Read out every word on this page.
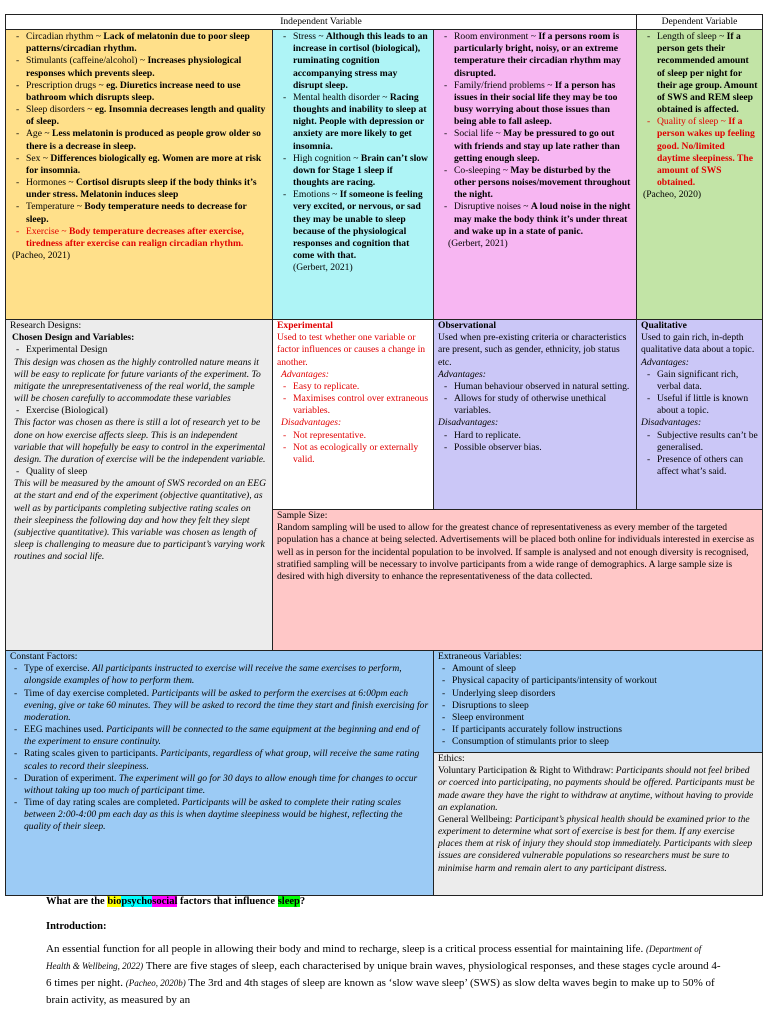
Independent Variable	Dependent Variable
- Circadian rhythm ~ Lack of melatonin due to poor sleep patterns/circadian rhythm.
- Stimulants (caffeine/alcohol) ~ Increases physiological responses which prevents sleep.
- Prescription drugs ~ eg. Diuretics increase need to use bathroom which disrupts sleep.
- Sleep disorders ~ eg. Insomnia decreases length and quality of sleep.
- Age ~ Less melatonin is produced as people grow older so there is a decrease in sleep.
- Sex ~ Differences biologically eg. Women are more at risk for insomnia.
- Hormones ~ Cortisol disrupts sleep if the body thinks it’s under stress. Melatonin induces sleep
- Temperature ~ Body temperature needs to decrease for sleep.
- Exercise ~ Body temperature decreases after exercise, tiredness after exercise can realign circadian rhythm.
(Pacheo, 2021)
- Stress ~ Although this leads to an increase in cortisol (biological), ruminating cognition accompanying stress may disrupt sleep.
- Mental health disorder ~ Racing thoughts and inability to sleep at night. People with depression or anxiety are more likely to get insomnia.
- High cognition ~ Brain can’t slow down for Stage 1 sleep if thoughts are racing.
- Emotions ~ If someone is feeling very excited, or nervous, or sad they may be unable to sleep because of the physiological responses and cognition that come with that.
(Gerbert, 2021)
- Room environment ~ If a persons room is particularly bright, noisy, or an extreme temperature their circadian rhythm may disrupted.
- Family/friend problems ~ If a person has issues in their social life they may be too busy worrying about those issues than being able to fall asleep.
- Social life ~ May be pressured to go out with friends and stay up late rather than getting enough sleep.
- Co-sleeping ~ May be disturbed by the other persons noises/movement throughout the night.
- Disruptive noises ~ A loud noise in the night may make the body think it’s under threat and wake up in a state of panic.
(Gerbert, 2021)
- Length of sleep ~ If a person gets their recommended amount of sleep per night for their age group. Amount of SWS and REM sleep obtained is affected.
- Quality of sleep ~ If a person wakes up feeling good. No/limited daytime sleepiness. The amount of SWS obtained.
(Pacheo, 2020)
Research Designs:
Chosen Design and Variables:
- Experimental Design
This design was chosen as the highly controlled nature means it will be easy to replicate for future variants of the experiment. To mitigate the unrepresentativeness of the real world, the sample will be chosen carefully to accommodate these variables
- Exercise (Biological)
This factor was chosen as there is still a lot of research yet to be done on how exercise affects sleep. This is an independent variable that will hopefully be easy to control in the experimental design. The duration of exercise will be the independent variable.
- Quality of sleep
This will be measured by the amount of SWS recorded on an EEG at the start and end of the experiment (objective quantitative), as well as by participants completing subjective rating scales on their sleepiness the following day and how they felt they slept (subjective quantitative). This variable was chosen as length of sleep is challenging to measure due to participant’s varying work routines and social life.
Experimental
Used to test whether one variable or factor influences or causes a change in another.
Advantages:
- Easy to replicate.
- Maximises control over extraneous variables.
Disadvantages:
- Not representative.
- Not as ecologically or externally valid.
Observational
Used when pre-existing criteria or characteristics are present, such as gender, ethnicity, job status etc.
Advantages:
- Human behaviour observed in natural setting.
- Allows for study of otherwise unethical variables.
Disadvantages:
- Hard to replicate.
- Possible observer bias.
Qualitative
Used to gain rich, in-depth qualitative data about a topic.
Advantages:
- Gain significant rich, verbal data.
- Useful if little is known about a topic.
Disadvantages:
- Subjective results can’t be generalised.
- Presence of others can affect what’s said.
Sample Size:
Random sampling will be used to allow for the greatest chance of representativeness as every member of the targeted population has a chance at being selected. Advertisements will be placed both online for individuals interested in exercise as well as in person for the incidental population to be involved. If sample is analysed and not enough diversity is recognised, stratified sampling will be necessary to involve participants from a wide range of demographics. A large sample size is desired with high diversity to enhance the representativeness of the data collected.
Constant Factors:
- Type of exercise. All participants instructed to exercise will receive the same exercises to perform, alongside examples of how to perform them.
- Time of day exercise completed. Participants will be asked to perform the exercises at 6:00pm each evening, give or take 60 minutes. They will be asked to record the time they start and finish exercising for moderation.
- EEG machines used. Participants will be connected to the same equipment at the beginning and end of the experiment to ensure continuity.
- Rating scales given to participants. Participants, regardless of what group, will receive the same rating scales to record their sleepiness.
- Duration of experiment. The experiment will go for 30 days to allow enough time for changes to occur without taking up too much of participant time.
- Time of day rating scales are completed. Participants will be asked to complete their rating scales between 2:00-4:00 pm each day as this is when daytime sleepiness would be highest, reflecting the quality of their sleep.
Extraneous Variables:
- Amount of sleep
- Physical capacity of participants/intensity of workout
- Underlying sleep disorders
- Disruptions to sleep
- Sleep environment
- If participants accurately follow instructions
- Consumption of stimulants prior to sleep
Ethics:
Voluntary Participation & Right to Withdraw: Participants should not feel bribed or coerced into participating, no payments should be offered. Participants must be made aware they have the right to withdraw at anytime, without having to provide an explanation.
General Wellbeing: Participant’s physical health should be examined prior to the experiment to determine what sort of exercise is best for them. If any exercise places them at risk of injury they should stop immediately. Participants with sleep issues are considered vulnerable populations so researchers must be sure to minimise harm and remain alert to any participant distress.
What are the biopsychosocial factors that influence sleep?
Introduction:
An essential function for all people in allowing their body and mind to recharge, sleep is a critical process essential for maintaining life. (Department of Health & Wellbeing, 2022) There are five stages of sleep, each characterised by unique brain waves, physiological responses, and these stages cycle around 4-6 times per night. (Pacheo, 2020b) The 3rd and 4th stages of sleep are known as ‘slow wave sleep’ (SWS) as slow delta waves begin to make up to 50% of brain activity, as measured by an
